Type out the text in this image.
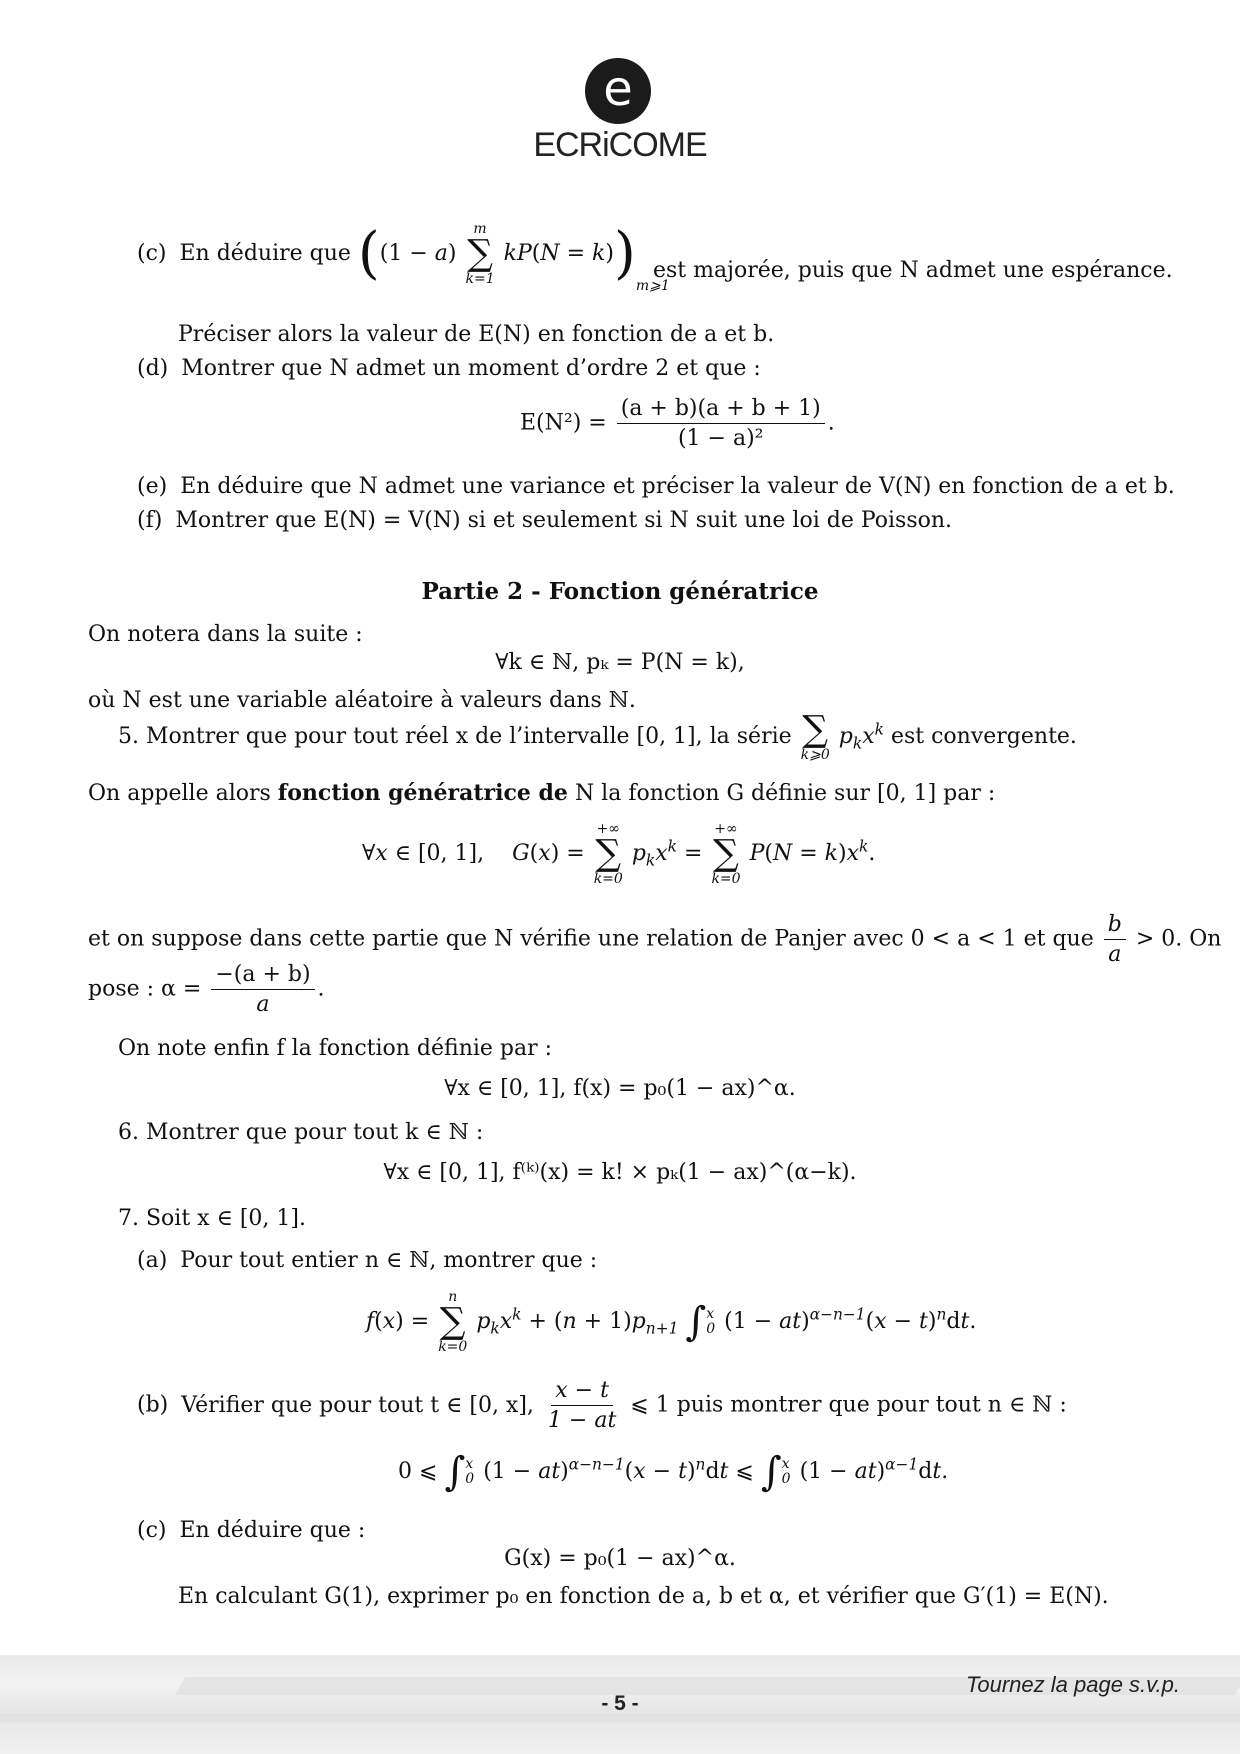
e
ECRiCOME
(c) En déduire que ((1 − a)
m
∑
k=1
$kP(N = k))_{m⩾1}$
est majorée, puis que N admet une espérance.
Préciser alors la valeur de E(N) en fonction de a et b.
(d) Montrer que N admet un moment d’ordre 2 et que :
$E(N^2) = \frac{(a + b)(a + b + 1)}{\text{(1 − a)²}}$ .
(e) En déduire que N admet une variance et préciser la valeur de V(N) en fonction de a et b.
(f) Montrer que E(N) = V(N) si et seulement si N suit une loi de Poisson.
Partie 2 - Fonction génératrice
On notera dans la suite :
∀k ∈ ℕ, pₖ = P(N = k),
où N est une variable aléatoire à valeurs dans ℕ.
5. Montrer que pour tout réel x de l’intervalle [0, 1], la série ∑
k⩾0
$p_kx^k$ est convergente.
On appelle alors fonction génératrice de N la fonction G définie sur [0, 1] par :
∀x ∈ [0, 1],    G(x) =
+∞
∑
k=0
$p_kx^k$ =
+∞
∑
k=0
$P(N = k)x^k$.
et on suppose dans cette partie que N vérifie une relation de Panjer avec 0 < a < 1 et que $\frac{b}{a} > 0$. On
pose : $\alpha = \frac{-(a + b)}{a}$ .
On note enfin f la fonction définie par :
∀x ∈ [0, 1], f(x) = p₀(1 − ax)^α.
6. Montrer que pour tout k ∈ ℕ :
∀x ∈ [0, 1], f⁽ᵏ⁾(x) = k! × pₖ(1 − ax)^(α−k).
7. Soit x ∈ [0, 1].
(a) Pour tout entier n ∈ ℕ, montrer que :
f(x) =
n
∑
k=0
$p_kx^k + (n + 1)p_{n+1}$ ∫ x
0 $(1 - at)^{\alpha-n-1}(x - t)^ndt$.
(b) Vérifier que pour tout t ∈ [0, x], $\frac{x - t}{1 - at}$ ⩽ 1 puis montrer que pour tout n ∈ ℕ :
0 ⩽ ∫ x
0 $(1 - at)^{\alpha-n-1}(x - t)^ndt$ ⩽ ∫ x
0 (1 − at)$^{\alpha-1}$dt.
(c) En déduire que :
G(x) = p₀(1 − ax)^α.
En calculant G(1), exprimer p₀ en fonction de a, b et α, et vérifier que G′(1) = E(N).
Tournez la page s.v.p.
- 5 -
